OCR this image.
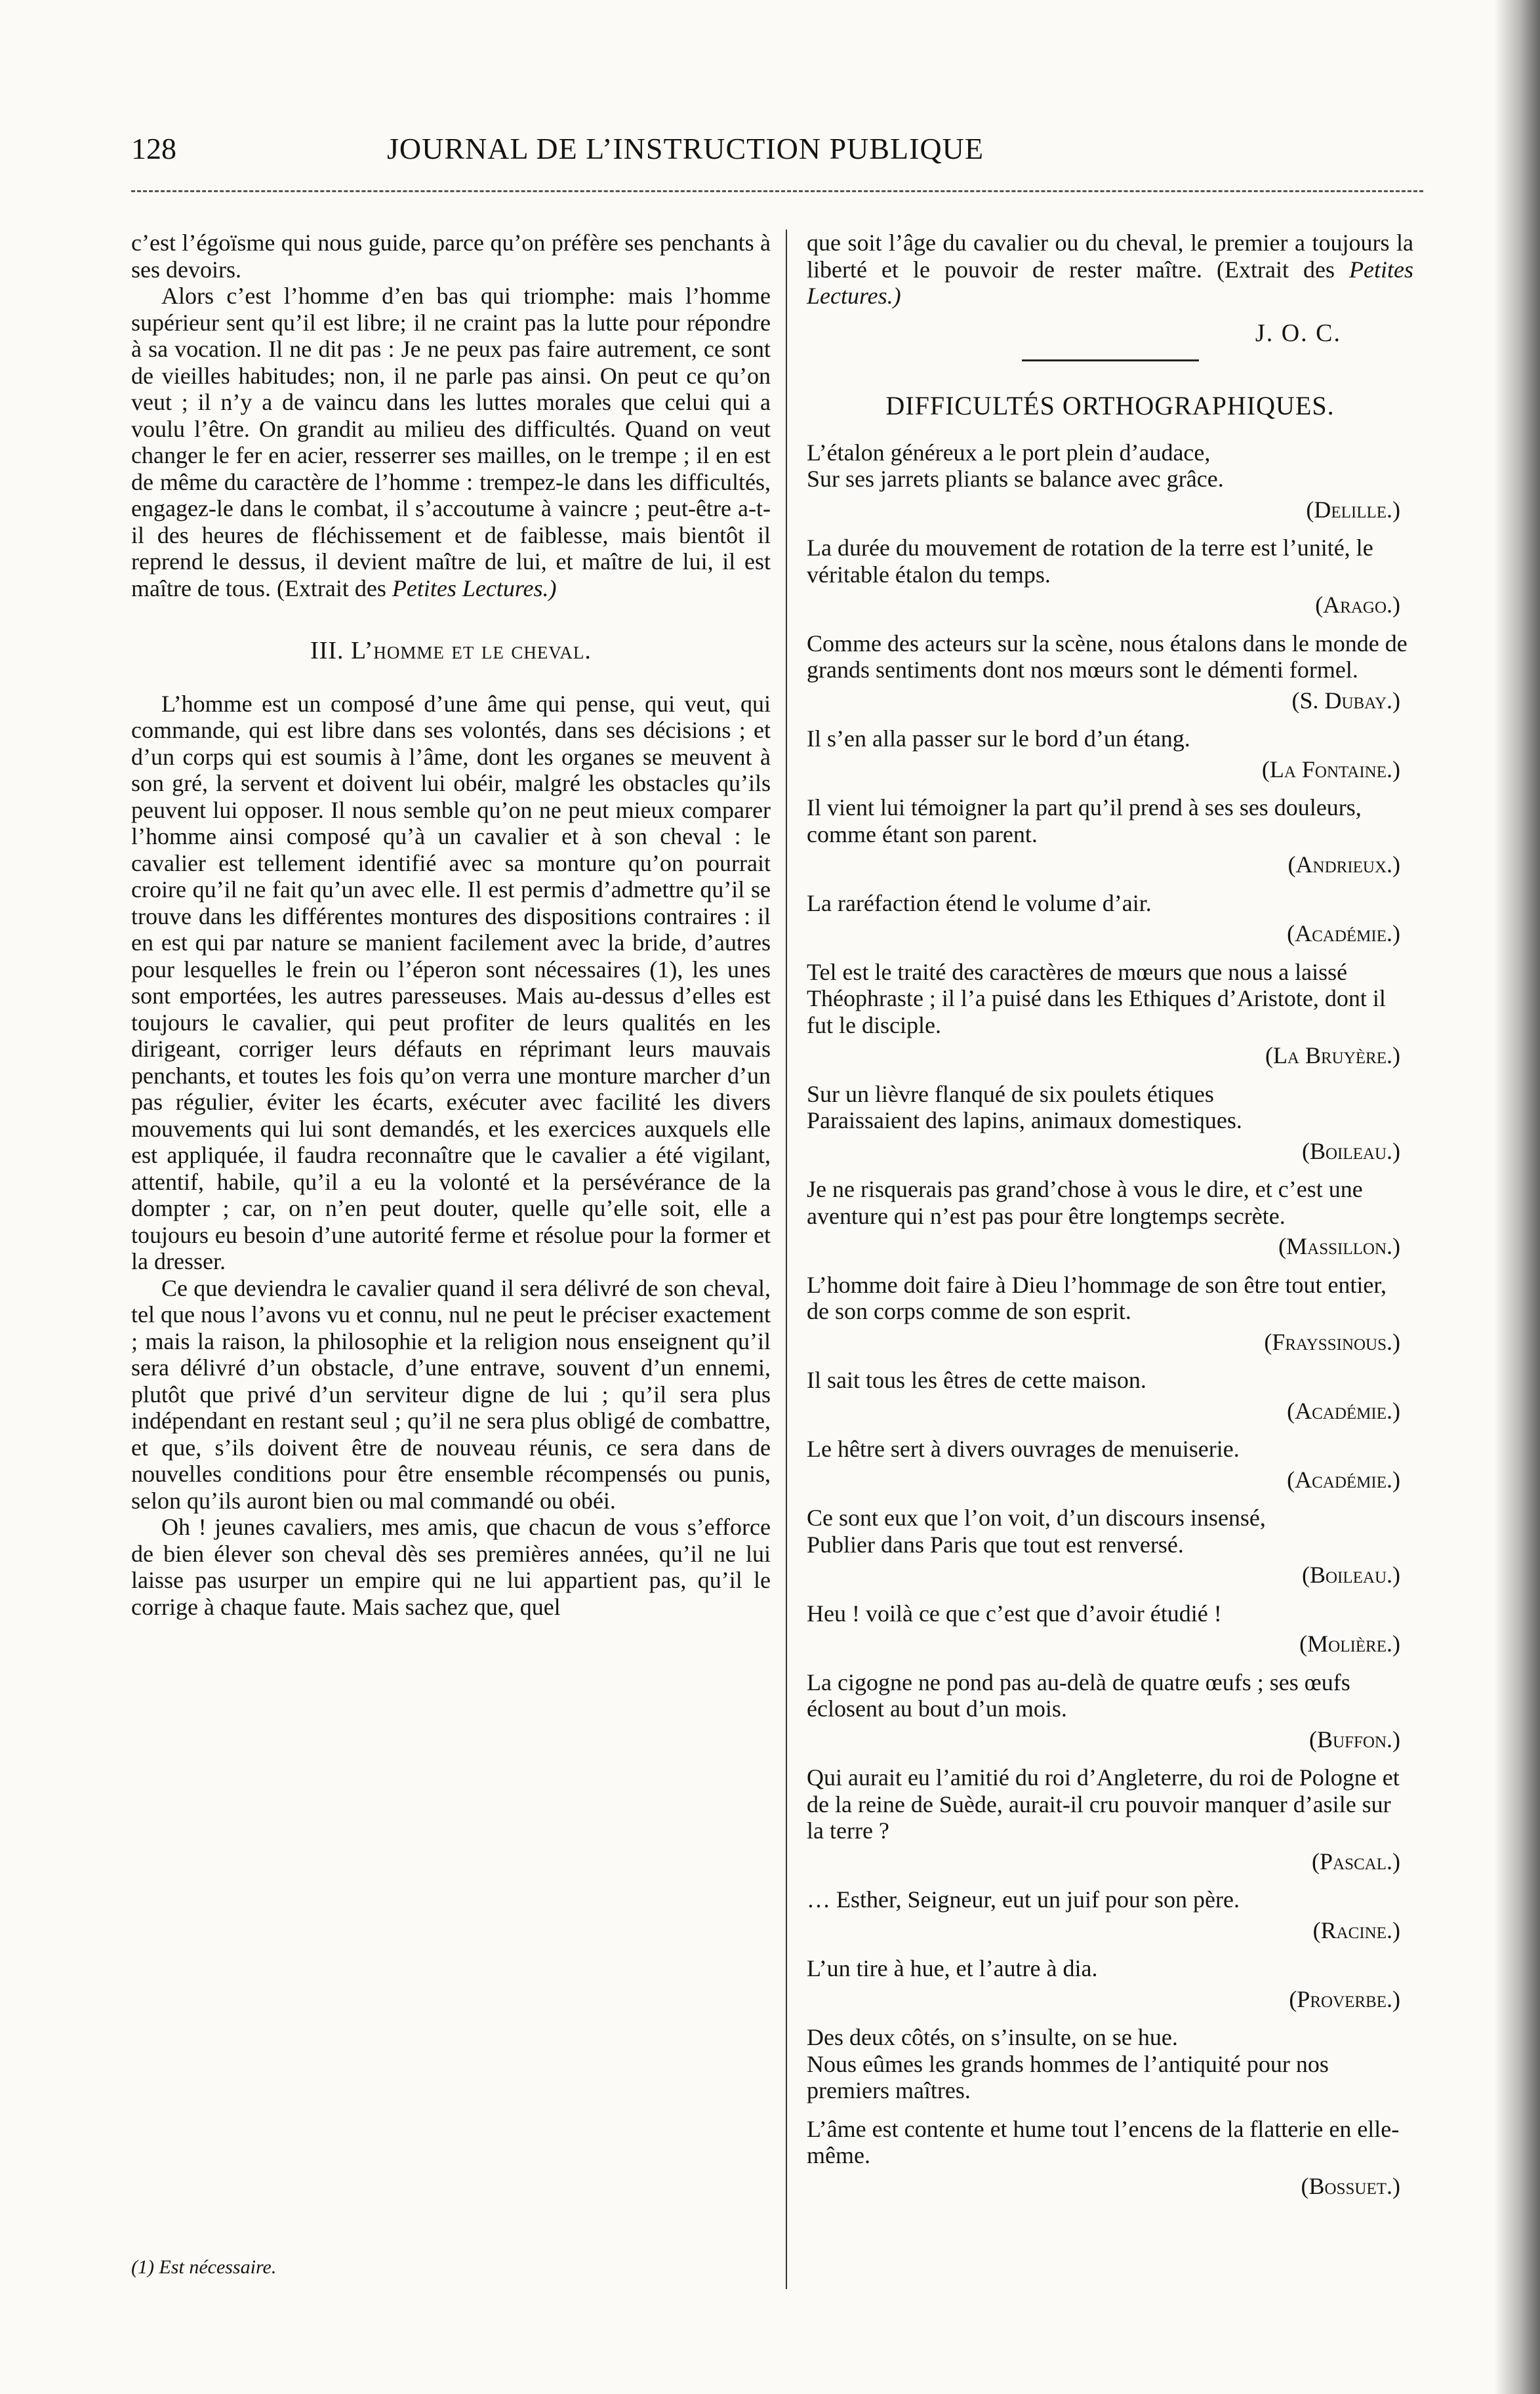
128	JOURNAL DE L’INSTRUCTION PUBLIQUE

c’est l’égoïsme qui nous guide, parce qu’on préfère ses penchants à ses devoirs.

Alors c’est l’homme d’en bas qui triomphe: mais l’homme supérieur sent qu’il est libre; il ne craint pas la lutte pour répondre à sa vocation. Il ne dit pas : Je ne peux pas faire autrement, ce sont de vieilles habitudes; non, il ne parle pas ainsi. On peut ce qu’on veut ; il n’y a de vaincu dans les luttes morales que celui qui a voulu l’être. On grandit au milieu des difficultés. Quand on veut changer le fer en acier, resserrer ses mailles, on le trempe ; il en est de même du caractère de l’homme : trempez-le dans les difficultés, engagez-le dans le combat, il s’accoutume à vaincre ; peut-être a-t-il des heures de fléchissement et de faiblesse, mais bientôt il reprend le dessus, il devient maître de lui, et maître de lui, il est maître de tous. (Extrait des Petites Lectures.)

III. L’homme et le cheval.

L’homme est un composé d’une âme qui pense, qui veut, qui commande, qui est libre dans ses volontés, dans ses décisions ; et d’un corps qui est soumis à l’âme, dont les organes se meuvent à son gré, la servent et doivent lui obéir, malgré les obstacles qu’ils peuvent lui opposer. Il nous semble qu’on ne peut mieux comparer l’homme ainsi composé qu’à un cavalier et à son cheval : le cavalier est tellement identifié avec sa monture qu’on pourrait croire qu’il ne fait qu’un avec elle. Il est permis d’admettre qu’il se trouve dans les différentes montures des dispositions contraires : il en est qui par nature se manient facilement avec la bride, d’autres pour lesquelles le frein ou l’éperon sont nécessaires (1), les unes sont emportées, les autres paresseuses. Mais au-dessus d’elles est toujours le cavalier, qui peut profiter de leurs qualités en les dirigeant, corriger leurs défauts en réprimant leurs mauvais penchants, et toutes les fois qu’on verra une monture marcher d’un pas régulier, éviter les écarts, exécuter avec facilité les divers mouvements qui lui sont demandés, et les exercices auxquels elle est appliquée, il faudra reconnaître que le cavalier a été vigilant, attentif, habile, qu’il a eu la volonté et la persévérance de la dompter ; car, on n’en peut douter, quelle qu’elle soit, elle a toujours eu besoin d’une autorité ferme et résolue pour la former et la dresser.

Ce que deviendra le cavalier quand il sera délivré de son cheval, tel que nous l’avons vu et connu, nul ne peut le préciser exactement ; mais la raison, la philosophie et la religion nous enseignent qu’il sera délivré d’un obstacle, d’une entrave, souvent d’un ennemi, plutôt que privé d’un serviteur digne de lui ; qu’il sera plus indépendant en restant seul ; qu’il ne sera plus obligé de combattre, et que, s’ils doivent être de nouveau réunis, ce sera dans de nouvelles conditions pour être ensemble récompensés ou punis, selon qu’ils auront bien ou mal commandé ou obéi.

Oh ! jeunes cavaliers, mes amis, que chacun de vous s’efforce de bien élever son cheval dès ses premières années, qu’il ne lui laisse pas usurper un empire qui ne lui appartient pas, qu’il le corrige à chaque faute. Mais sachez que, quel

que soit l’âge du cavalier ou du cheval, le premier a toujours la liberté et le pouvoir de rester maître. (Extrait des Petites Lectures.)

J. O. C.
DIFFICULTÉS ORTHOGRAPHIQUES.
L’étalon généreux a le port plein d’audace,
Sur ses jarrets pliants se balance avec grâce.
(Delille.)
La durée du mouvement de rotation de la terre est l’unité, le véritable étalon du temps.
(Arago.)
Comme des acteurs sur la scène, nous étalons dans le monde de grands sentiments dont nos mœurs sont le démenti formel.
(S. Dubay.)
Il s’en alla passer sur le bord d’un étang.
(La Fontaine.)
Il vient lui témoigner la part qu’il prend à ses ses douleurs, comme étant son parent.
(Andrieux.)
La raréfaction étend le volume d’air.
(Académie.)
Tel est le traité des caractères de mœurs que nous a laissé Théophraste ; il l’a puisé dans les Ethiques d’Aristote, dont il fut le disciple.
(La Bruyère.)
Sur un lièvre flanqué de six poulets étiques
Paraissaient des lapins, animaux domestiques.
(Boileau.)
Je ne risquerais pas grand’chose à vous le dire, et c’est une aventure qui n’est pas pour être longtemps secrète.
(Massillon.)
L’homme doit faire à Dieu l’hommage de son être tout entier, de son corps comme de son esprit.
(Frayssinous.)
Il sait tous les êtres de cette maison.
(Académie.)
Le hêtre sert à divers ouvrages de menuiserie.
(Académie.)
Ce sont eux que l’on voit, d’un discours insensé,
Publier dans Paris que tout est renversé.
(Boileau.)
Heu ! voilà ce que c’est que d’avoir étudié !
(Molière.)
La cigogne ne pond pas au-delà de quatre œufs ; ses œufs éclosent au bout d’un mois.
(Buffon.)
Qui aurait eu l’amitié du roi d’Angleterre, du roi de Pologne et de la reine de Suède, aurait-il cru pouvoir manquer d’asile sur la terre ?
(Pascal.)
… Esther, Seigneur, eut un juif pour son père.
(Racine.)
L’un tire à hue, et l’autre à dia.
(Proverbe.)
Des deux côtés, on s’insulte, on se hue.
Nous eûmes les grands hommes de l’antiquité pour nos premiers maîtres.
L’âme est contente et hume tout l’encens de la flatterie en elle-même.
(Bossuet.)
(1) Est nécessaire.
